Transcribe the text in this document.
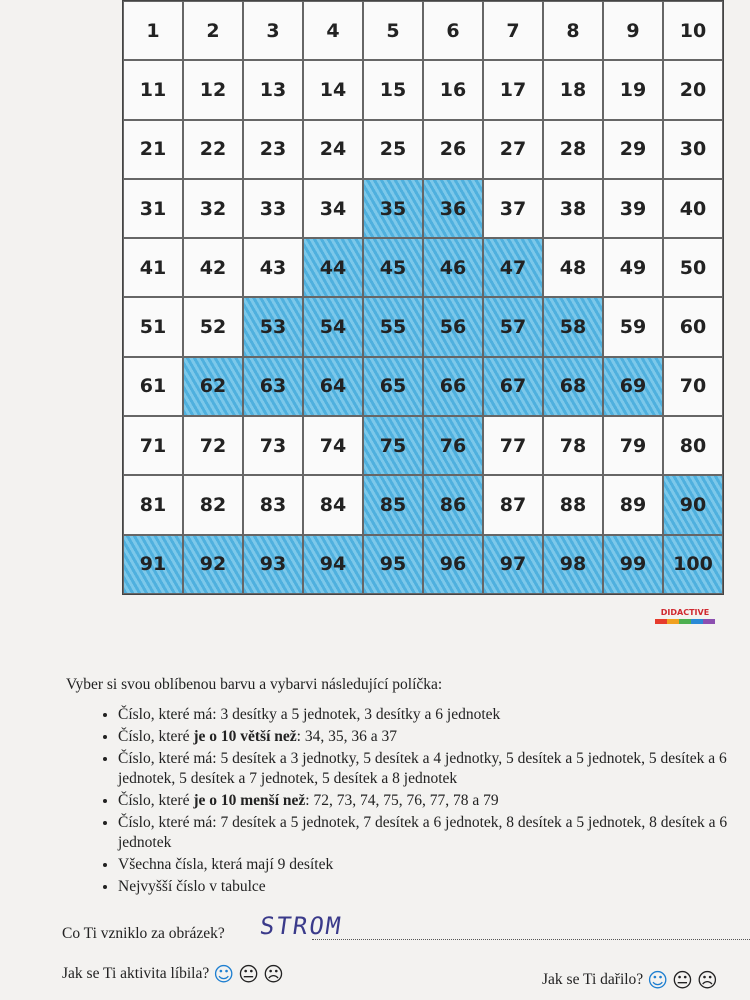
1	2	3	4	5	6	7	8	9	10
11	12	13	14	15	16	17	18	19	20
21	22	23	24	25	26	27	28	29	30
31	32	33	34	35	36	37	38	39	40
41	42	43	44	45	46	47	48	49	50
51	52	53	54	55	56	57	58	59	60
61	62	63	64	65	66	67	68	69	70
71	72	73	74	75	76	77	78	79	80
81	82	83	84	85	86	87	88	89	90
91	92	93	94	95	96	97	98	99	100
DIDACTIVE
Vyber si svou oblíbenou barvu a vybarvi následující políčka:
• Číslo, které má: 3 desítky a 5 jednotek, 3 desítky a 6 jednotek
• Číslo, které je o 10 větší než: 34, 35, 36 a 37
• Číslo, které má: 5 desítek a 3 jednotky, 5 desítek a 4 jednotky, 5 desítek a 5 jednotek, 5 desítek a 6 jednotek, 5 desítek a 7 jednotek, 5 desítek a 8 jednotek
• Číslo, které je o 10 menší než: 72, 73, 74, 75, 76, 77, 78 a 79
• Číslo, které má: 7 desítek a 5 jednotek, 7 desítek a 6 jednotek, 8 desítek a 5 jednotek, 8 desítek a 6 jednotek
• Všechna čísla, která mají 9 desítek
• Nejvyšší číslo v tabulce
Co Ti vzniklo za obrázek? STROM
Jak se Ti aktivita líbila? ☺ 😐 ☹	Jak se Ti dařilo? ☺ 😐 ☹
